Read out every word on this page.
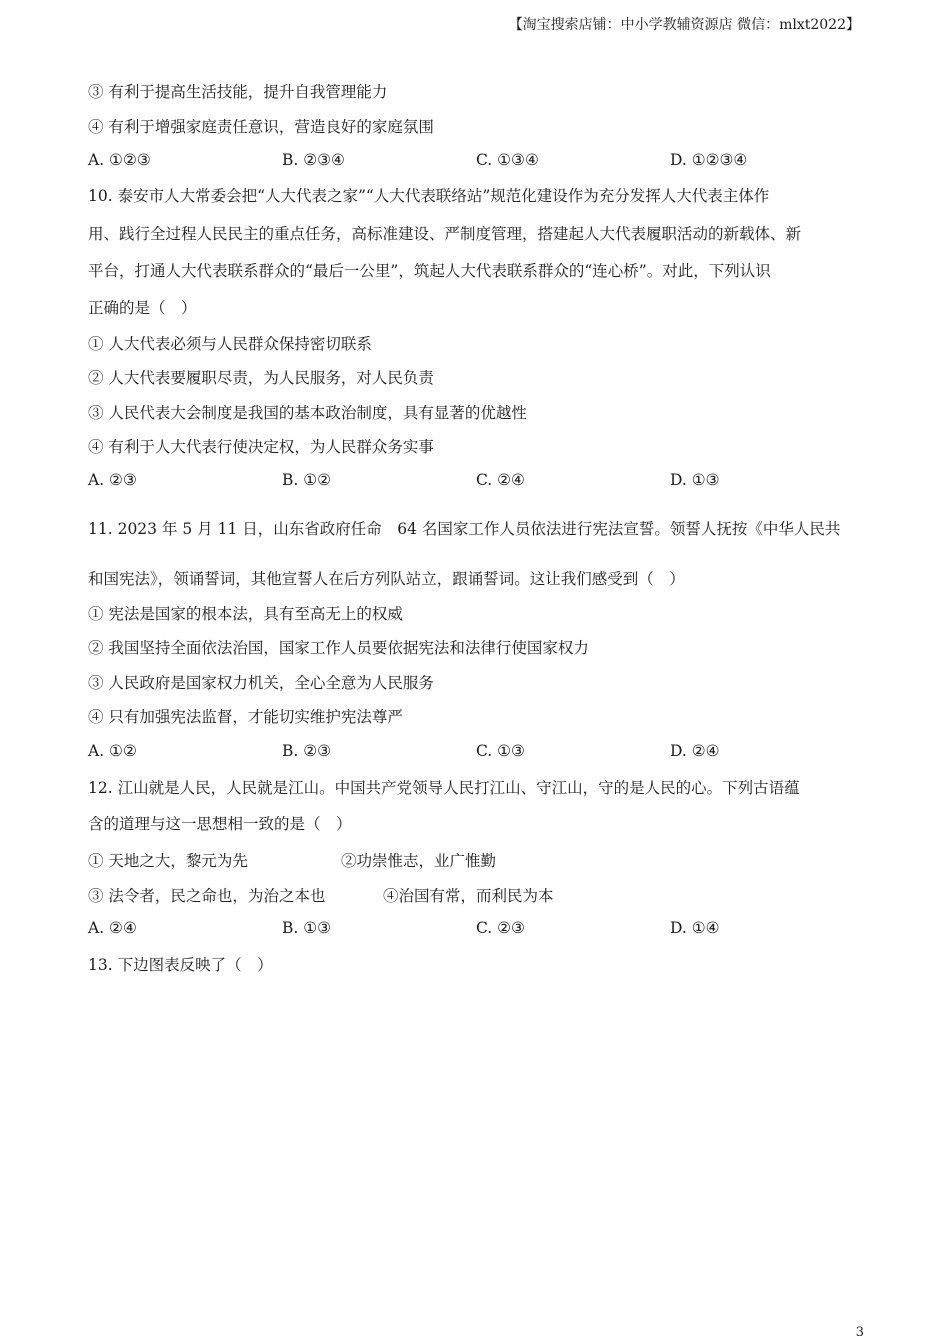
【淘宝搜索店铺：中小学教辅资源店 微信：mlxt2022】
③ 有利于提高生活技能，提升自我管理能力
④ 有利于增强家庭责任意识，营造良好的家庭氛围
A. ①②③	B. ②③④	C. ①③④	D. ①②③④
10. 泰安市人大常委会把“人大代表之家”“人大代表联络站”规范化建设作为充分发挥人大代表主体作
用、践行全过程人民民主的重点任务，高标准建设、严制度管理，搭建起人大代表履职活动的新载体、新
平台，打通人大代表联系群众的“最后一公里”，筑起人大代表联系群众的“连心桥”。对此，下列认识
正确的是（　）
① 人大代表必须与人民群众保持密切联系
② 人大代表要履职尽责，为人民服务，对人民负责
③ 人民代表大会制度是我国的基本政治制度，具有显著的优越性
④ 有利于人大代表行使决定权，为人民群众务实事
A. ②③	B. ①②	C. ②④	D. ①③
11. 2023 年 5 月 11 日，山东省政府任命　64 名国家工作人员依法进行宪法宣誓。领誓人抚按《中华人民共
和国宪法》，领诵誓词，其他宣誓人在后方列队站立，跟诵誓词。这让我们感受到（　）
① 宪法是国家的根本法，具有至高无上的权威
② 我国坚持全面依法治国，国家工作人员要依据宪法和法律行使国家权力
③ 人民政府是国家权力机关，全心全意为人民服务
④ 只有加强宪法监督，才能切实维护宪法尊严
A. ①②	B. ②③	C. ①③	D. ②④
12. 江山就是人民，人民就是江山。中国共产党领导人民打江山、守江山，守的是人民的心。下列古语蕴
含的道理与这一思想相一致的是（　）
① 天地之大，黎元为先	②功崇惟志，业广惟勤
③ 法令者，民之命也，为治之本也	④治国有常，而利民为本
A. ②④	B. ①③	C. ②③	D. ①④
13. 下边图表反映了（　）
3
